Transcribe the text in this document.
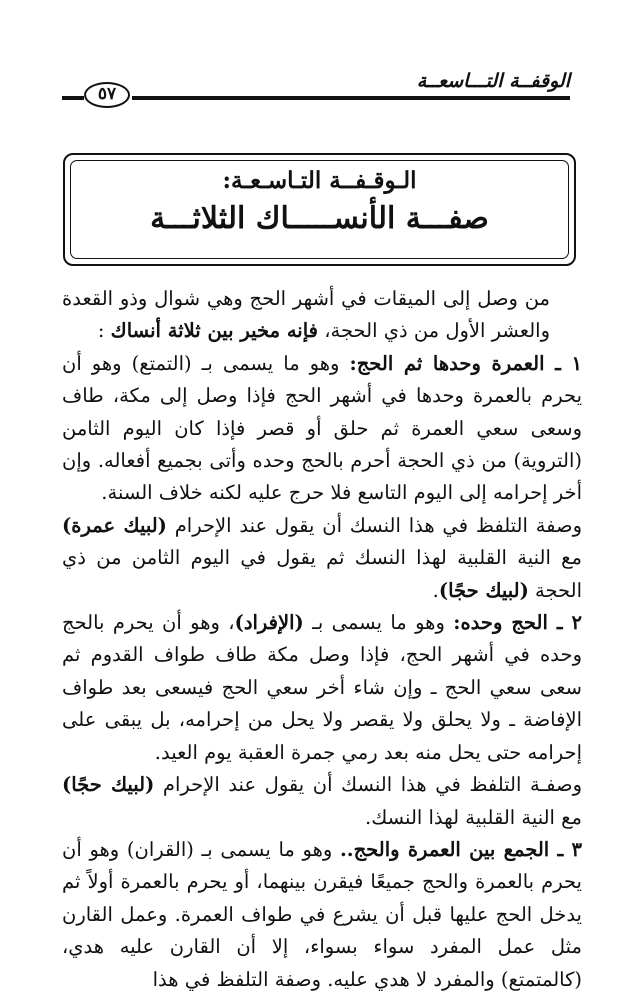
الوقفــة التـــاسعــة
٥٧
الـوقـفــة التـاسـعـة:
صفـــة الأنســـــاك الثلاثـــة

من وصل إلى الميقات في أشهر الحج وهي شوال وذو القعدة والعشر الأول من ذي الحجة، فإنه مخير بين ثلاثة أنساك :

١ ـ العمرة وحدها ثم الحج: وهو ما يسمى بـ (التمتع) وهو أن يحرم بالعمرة وحدها في أشهر الحج فإذا وصل إلى مكة، طاف وسعى سعي العمرة ثم حلق أو قصر فإذا كان اليوم الثامن (التروية) من ذي الحجة أحرم بالحج وحده وأتى بجميع أفعاله. وإن أخر إحرامه إلى اليوم التاسع فلا حرج عليه لكنه خلاف السنة.

وصفة التلفظ في هذا النسك أن يقول عند الإحرام (لبيك عمرة) مع النية القلبية لهذا النسك ثم يقول في اليوم الثامن من ذي الحجة (لبيك حجًا).

٢ ـ الحج وحده: وهو ما يسمى بـ (الإفراد)، وهو أن يحرم بالحج وحده في أشهر الحج، فإذا وصل مكة طاف طواف القدوم ثم سعى سعي الحج ـ وإن شاء أخر سعي الحج فيسعى بعد طواف الإفاضة ـ ولا يحلق ولا يقصر ولا يحل من إحرامه، بل يبقى على إحرامه حتى يحل منه بعد رمي جمرة العقبة يوم العيد.

وصفـة التلفظ في هذا النسك أن يقول عند الإحرام (لبيك حجًا) مع النية القلبية لهذا النسك.

٣ ـ الجمع بين العمرة والحج.. وهو ما يسمى بـ (القران) وهو أن يحرم بالعمرة والحج جميعًا فيقرن بينهما، أو يحرم بالعمرة أولاً ثم يدخل الحج عليها قبل أن يشرع في طواف العمرة. وعمل القارن مثل عمل المفرد سواء بسواء، إلا أن القارن عليه هدي، (كالمتمتع) والمفرد لا هدي عليه. وصفة التلفظ في هذا
